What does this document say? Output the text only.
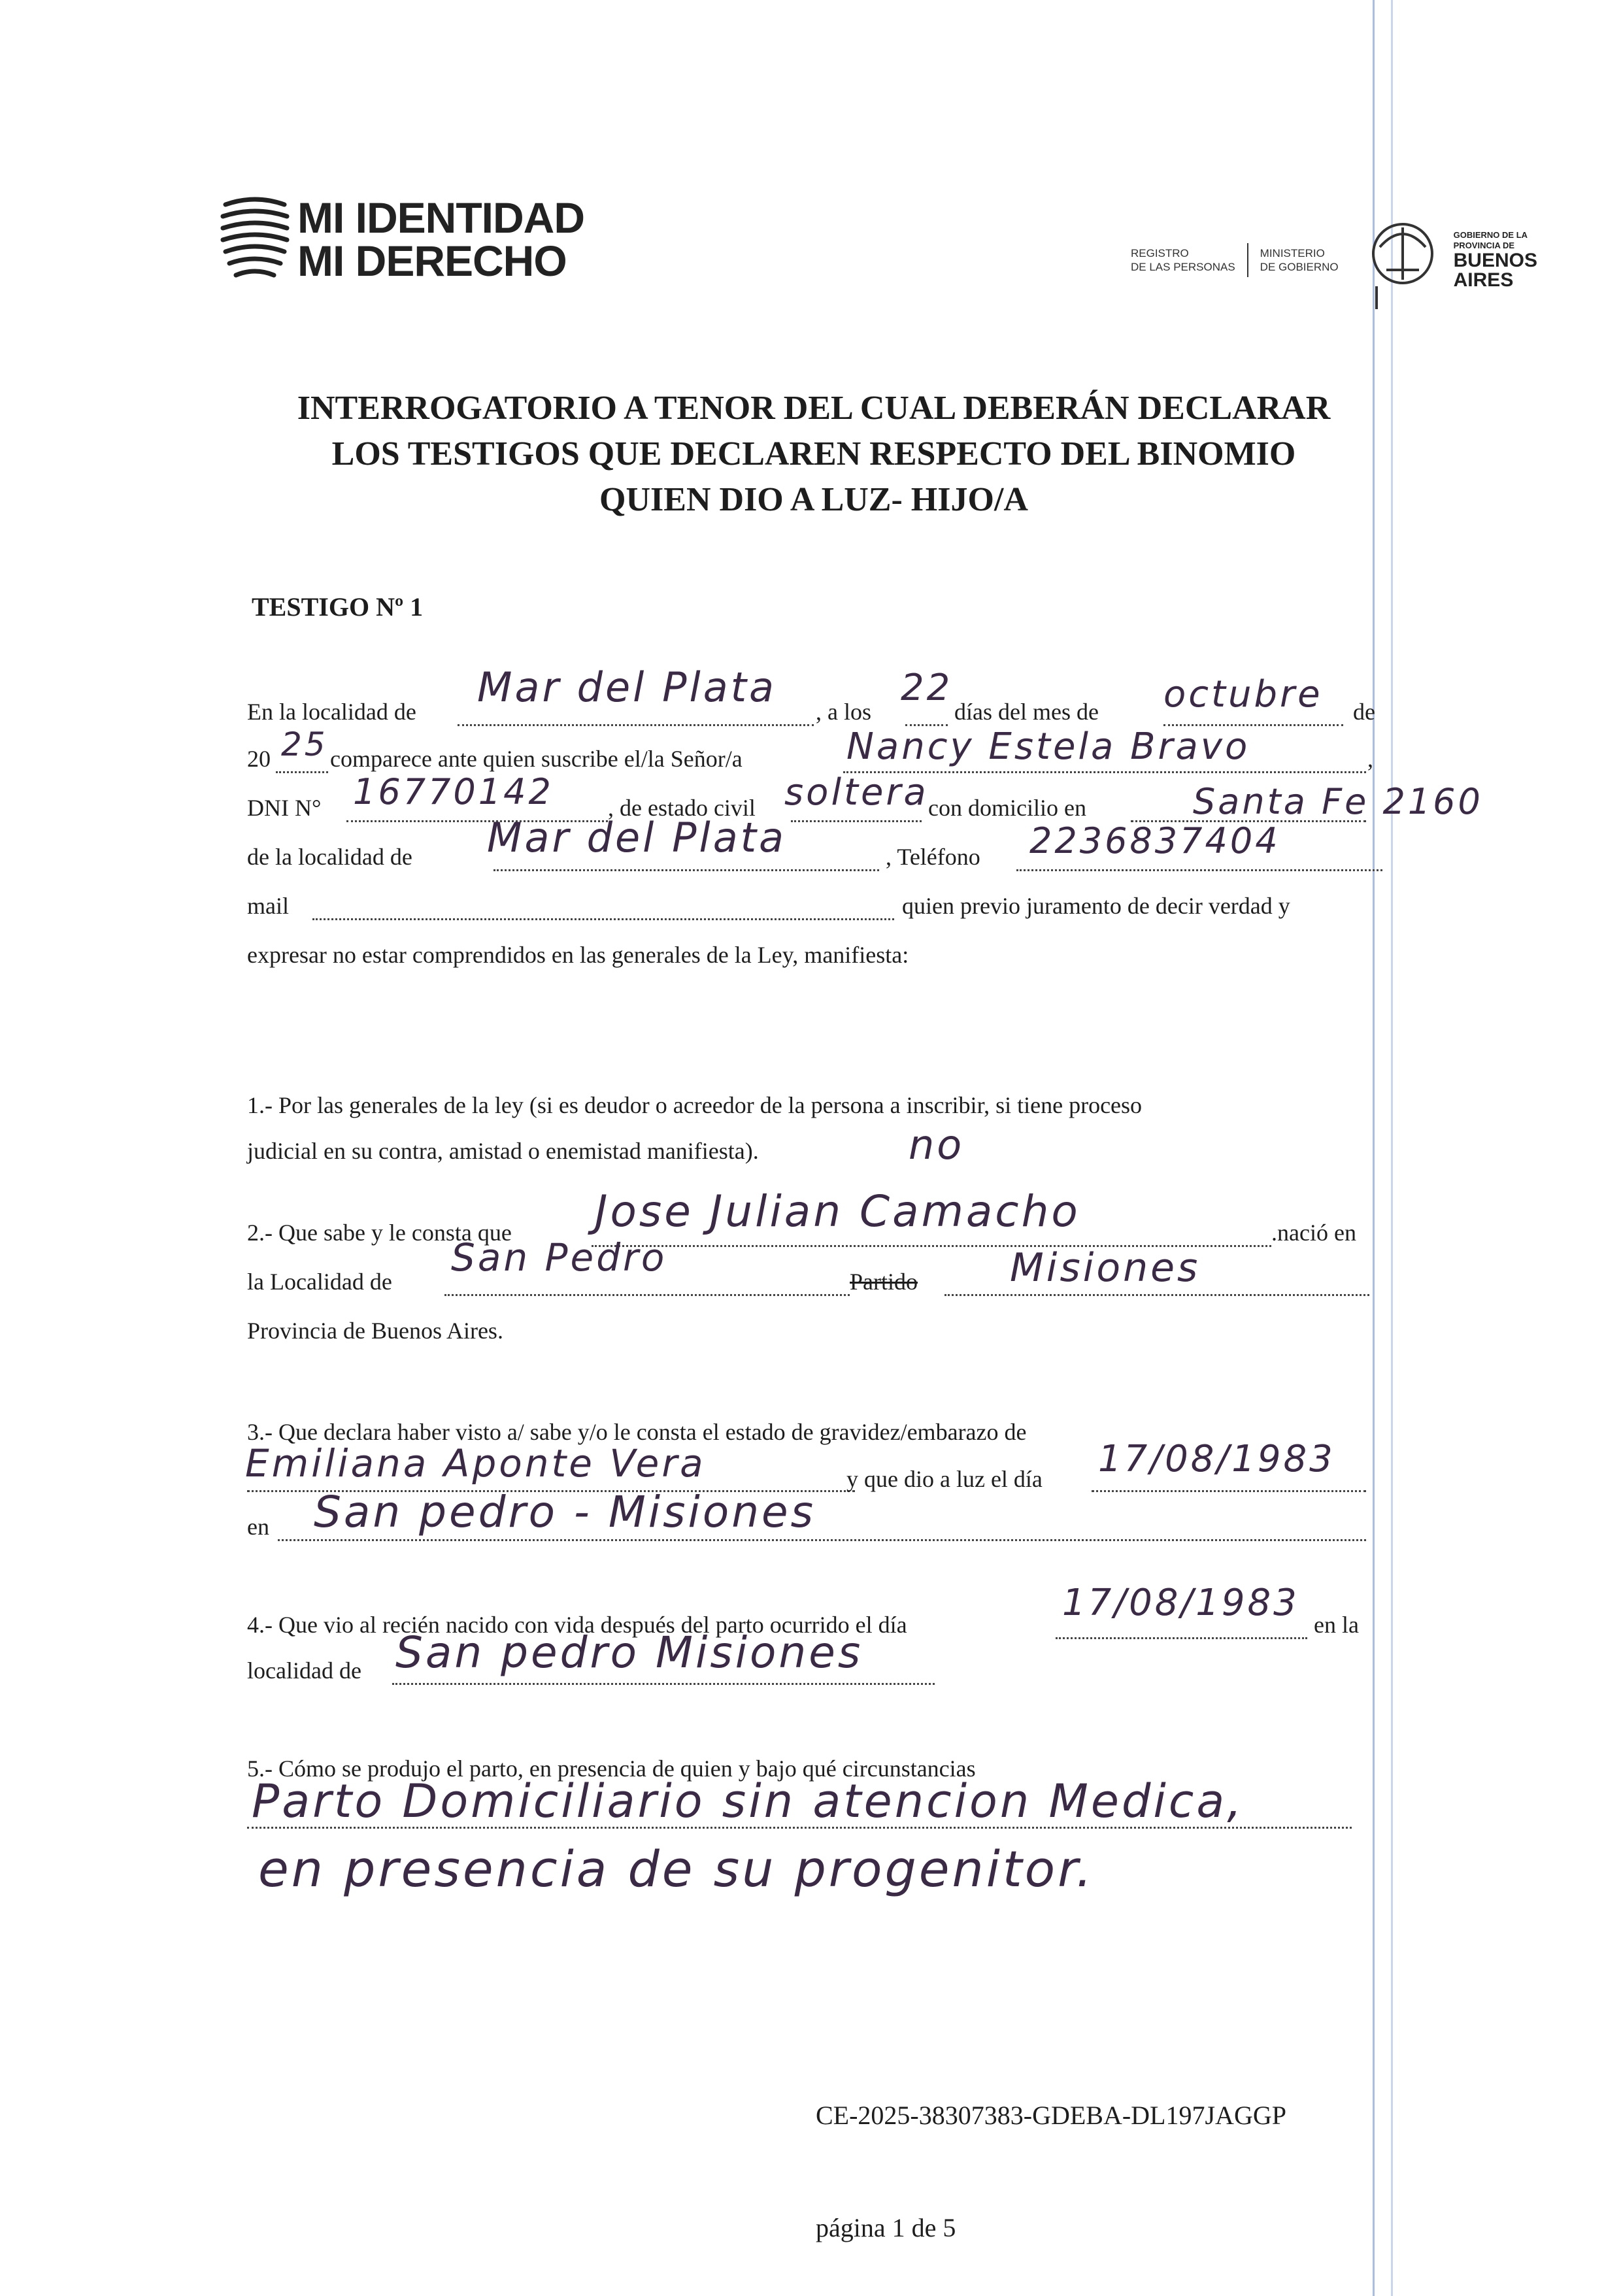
MI IDENTIDAD
MI DERECHO	REGISTRO
DE LAS PERSONAS
MINISTERIO
DE GOBIERNO
GOBIERNO DE LA
PROVINCIA DE
BUENOS
AIRES
INTERROGATORIO A TENOR DEL CUAL DEBERÁN DECLARAR
LOS TESTIGOS QUE DECLAREN RESPECTO DEL BINOMIO
QUIEN DIO A LUZ- HIJO/A
TESTIGO Nº 1
En la localidad de
Mar del Plata
, a los
22
días del mes de octubre de
20 25 comparece ante quien suscribe el/la Señor/a	Nancy Estela Bravo	,
DNI N° 16770142 , de estado civil soltera con domicilio en	Santa Fe 2160
de la localidad de Mar del Plata	, Teléfono 2236837404
mail	quien previo juramento de decir verdad y
expresar no estar comprendidos en las generales de la Ley, manifiesta:
1.- Por las generales de la ley (si es deudor o acreedor de la persona a inscribir, si tiene proceso
judicial en su contra, amistad o enemistad manifiesta).	no
2.- Que sabe y le consta que Jose Julian Camacho	.nació en
la Localidad de
San Pedro
Partido Misiones
Provincia de Buenos Aires.
3.- Que declara haber visto a/ sabe y/o le consta el estado de gravidez/embarazo de
Emiliana Aponte Vera	y que dio a luz el día 17/08/1983
en San pedro - Misiones
4.- Que vio al recién nacido con vida después del parto ocurrido el día
17/08/1983
en la
localidad de San pedro Misiones
5.- Cómo se produjo el parto, en presencia de quien y bajo qué circunstancias
Parto Domiciliario sin atencion Medica,
en presencia de su progenitor.
CE-2025-38307383-GDEBA-DL197JAGGP
página 1 de 5
